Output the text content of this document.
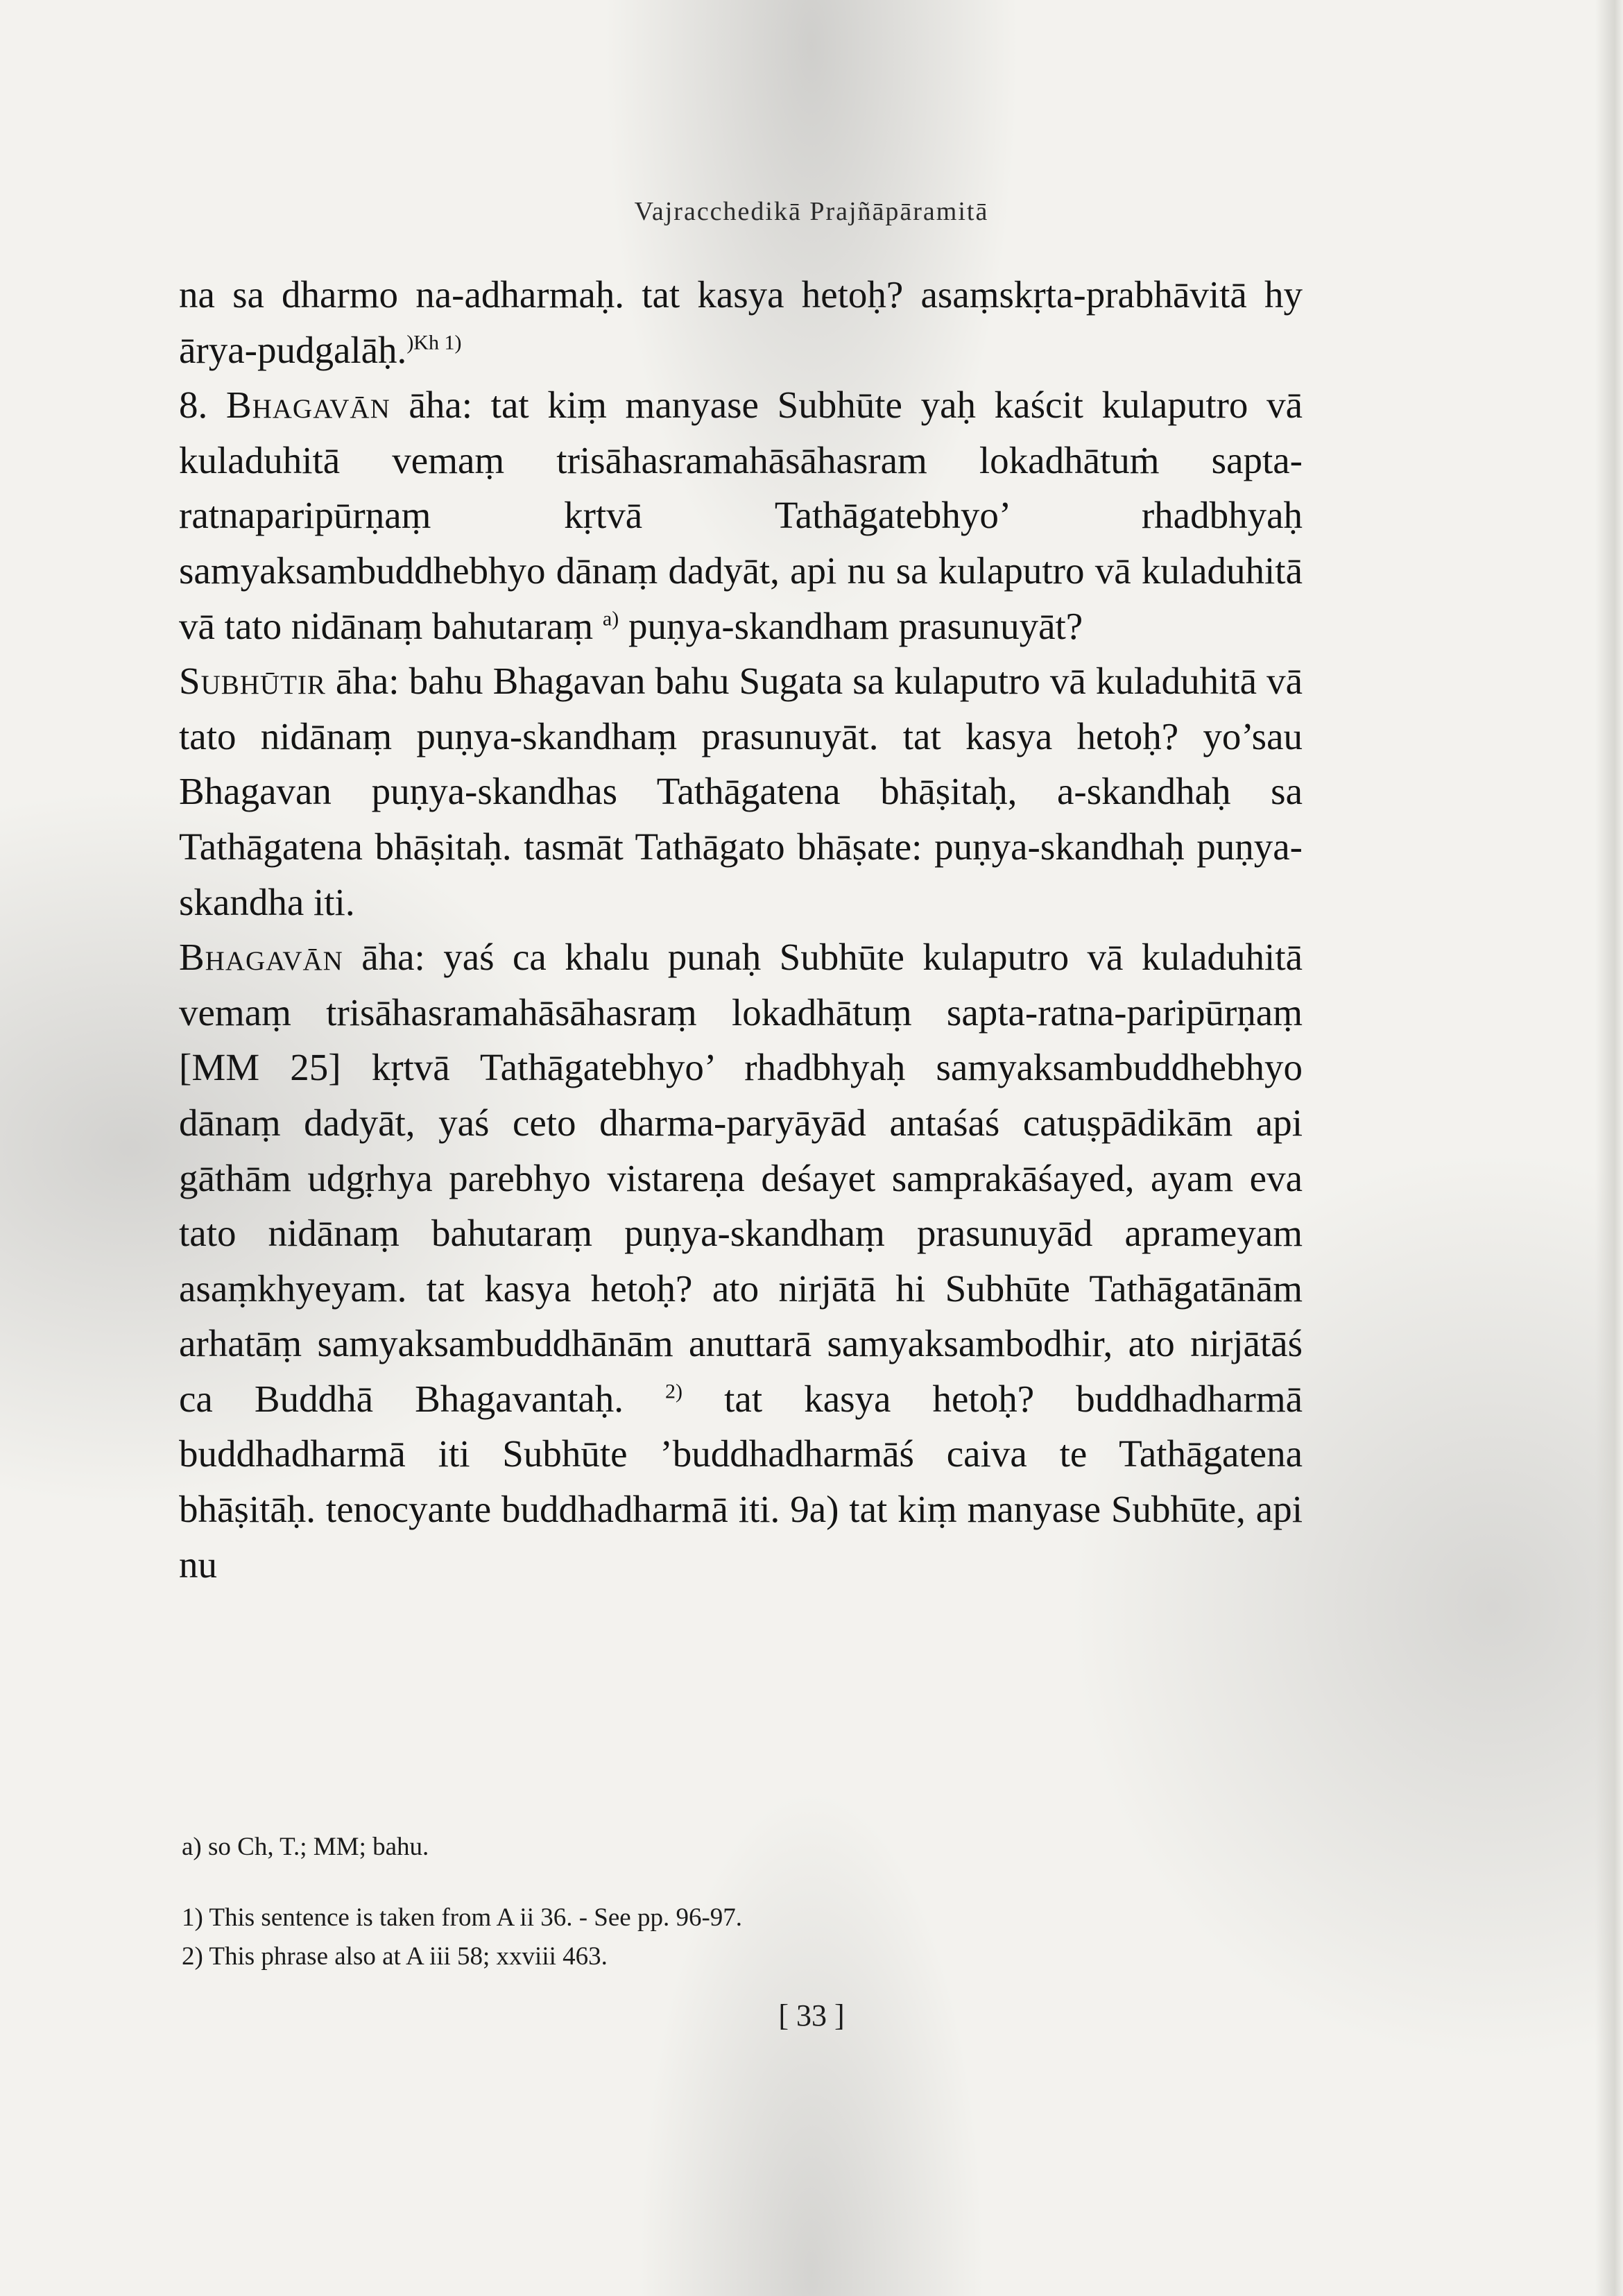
Vajracchedikā Prajñāpāramitā

na sa dharmo na-adharmaḥ. tat kasya hetoḥ? asaṃskṛta-prabhāvitā hy ārya-pudgalāḥ.$^{)Kh 1)}$

8. Bhagavān āha: tat kiṃ manyase Subhūte yaḥ kaścit kulaputro vā kuladuhitā vemaṃ trisāhasramahāsāhasram lokadhātuṁ sapta-ratnaparipūrṇaṃ kṛtvā Tathāgatebhyo’ rhadbhyaḥ samyaksambuddhebhyo dānaṃ dadyāt, api nu sa kulaputro vā kuladuhitā vā tato nidānaṃ bahutaraṃ $^{a)}$ puṇya-skandham prasunuyāt?

Subhūtir āha: bahu Bhagavan bahu Sugata sa kulaputro vā kuladuhitā vā tato nidānaṃ puṇya-skandhaṃ prasunuyāt. tat kasya hetoḥ? yo’sau Bhagavan puṇya-skandhas Tathāgatena bhāṣitaḥ, a-skandhaḥ sa Tathāgatena bhāṣitaḥ. tasmāt Tathāgato bhāṣate: puṇya-skandhaḥ puṇya-skandha iti.

Bhagavān āha: yaś ca khalu punaḥ Subhūte kulaputro vā kuladuhitā vemaṃ trisāhasramahāsāhasraṃ lokadhātuṃ sapta-ratna-paripūrṇaṃ [MM 25] kṛtvā Tathāgatebhyo’ rhadbhyaḥ samyaksambuddhebhyo dānaṃ dadyāt, yaś ceto dharma-paryāyād antaśaś catuṣpādikām api gāthām udgṛhya parebhyo vistareṇa deśayet samprakāśayed, ayam eva tato nidānaṃ bahutaraṃ puṇya-skandhaṃ prasunuyād aprameyam asaṃkhyeyam. tat kasya hetoḥ? ato nirjātā hi Subhūte Tathāgatānām arhatāṃ samyaksambuddhānām anuttarā samyaksambodhir, ato nirjātāś ca Buddhā Bhagavantaḥ. $^{2)}$ tat kasya hetoḥ? buddhadharmā buddhadharmā iti Subhūte ’buddhadharmāś caiva te Tathāgatena bhāṣitāḥ. tenocyante buddhadharmā iti. 9a) tat kiṃ manyase Subhūte, api nu

a) so Ch, T.; MM; bahu.

1) This sentence is taken from A ii 36. - See pp. 96-97.

2) This phrase also at A iii 58; xxviii 463.

[ 33 ]
